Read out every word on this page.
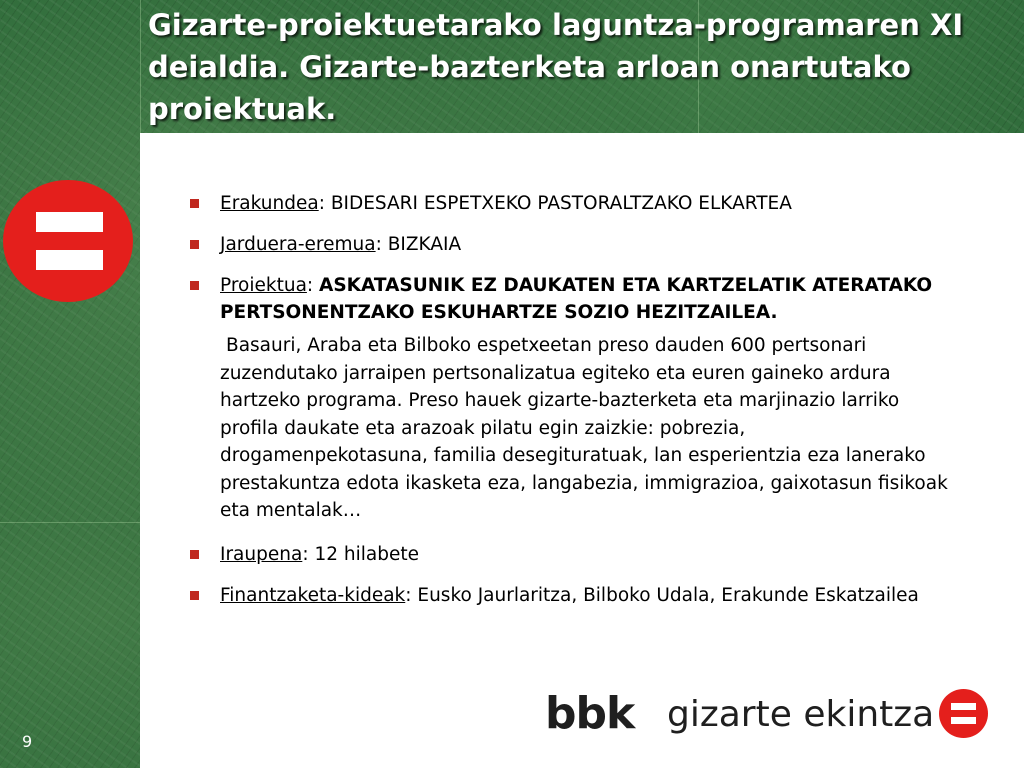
Gizarte-proiektuetarako laguntza-programaren XI deialdia. Gizarte-bazterketa arloan onartutako proiektuak.
Erakundea: BIDESARI ESPETXEKO PASTORALTZAKO ELKARTEA
Jarduera-eremua: BIZKAIA
Proiektua: ASKATASUNIK EZ DAUKATEN ETA KARTZELATIK ATERATAKO PERTSONENTZAKO ESKUHARTZE SOZIO HEZITZAILEA.
Basauri, Araba eta Bilboko espetxeetan preso dauden 600 pertsonari zuzendutako jarraipen pertsonalizatua egiteko eta euren gaineko ardura hartzeko programa. Preso hauek gizarte-bazterketa eta marjinazio larriko profila daukate eta arazoak pilatu egin zaizkie: pobrezia, drogamenpekotasuna, familia desegituratuak, lan esperientzia eza lanerako prestakuntza edota ikasketa eza, langabezia, immigrazioa, gaixotasun fisikoak eta mentalak…
Iraupena: 12 hilabete
Finantzaketa-kideak: Eusko Jaurlaritza, Bilboko Udala, Erakunde Eskatzailea
bbk gizarte ekintza
9
